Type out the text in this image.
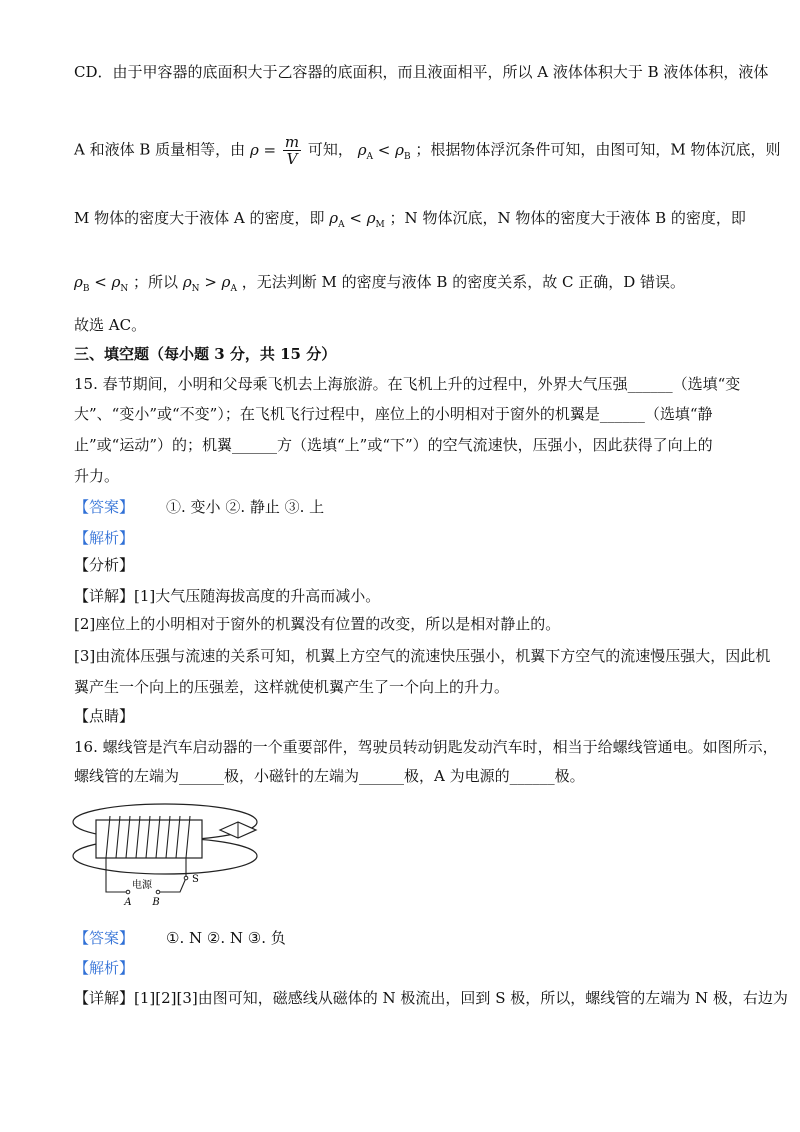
CD．由于甲容器的底面积大于乙容器的底面积，而且液面相平，所以 A 液体体积大于 B 液体体积，液体
A 和液体 B 质量相等，由 $\rho = \frac{m}{V}$ 可知， $\rho_A < \rho_B$ ；根据物体浮沉条件可知，由图可知，M 物体沉底，则
M 物体的密度大于液体 A 的密度，即 $\rho_A < \rho_M$ ；N 物体沉底，N 物体的密度大于液体 B 的密度，即
$\rho_B < \rho_N$ ；所以 $\rho_N > \rho_A$ ，无法判断 M 的密度与液体 B 的密度关系，故 C 正确，D 错误。
故选 AC。
三、填空题（每小题 3 分，共 15 分）
15. 春节期间，小明和父母乘飞机去上海旅游。在飞机上升的过程中，外界大气压强______（选填“变
大”、“变小”或“不变”）；在飞机飞行过程中，座位上的小明相对于窗外的机翼是______（选填“静
止”或“运动”）的；机翼______方（选填“上”或“下”）的空气流速快，压强小，因此获得了向上的
升力。
【答案】 ①. 变小 ②. 静止 ③. 上
【解析】
【分析】
【详解】[1]大气压随海拔高度的升高而减小。
[2]座位上的小明相对于窗外的机翼没有位置的改变，所以是相对静止的。
[3]由流体压强与流速的关系可知，机翼上方空气的流速快压强小，机翼下方空气的流速慢压强大，因此机
翼产生一个向上的压强差，这样就使机翼产生了一个向上的升力。
【点睛】
16. 螺线管是汽车启动器的一个重要部件，驾驶员转动钥匙发动汽车时，相当于给螺线管通电。如图所示，
螺线管的左端为______极，小磁针的左端为______极，A 为电源的______极。
电源
A B
S
【答案】 ①. N ②. N ③. 负
【解析】
【详解】[1][2][3]由图可知，磁感线从磁体的 N 极流出，回到 S 极，所以，螺线管的左端为 N 极，右边为
